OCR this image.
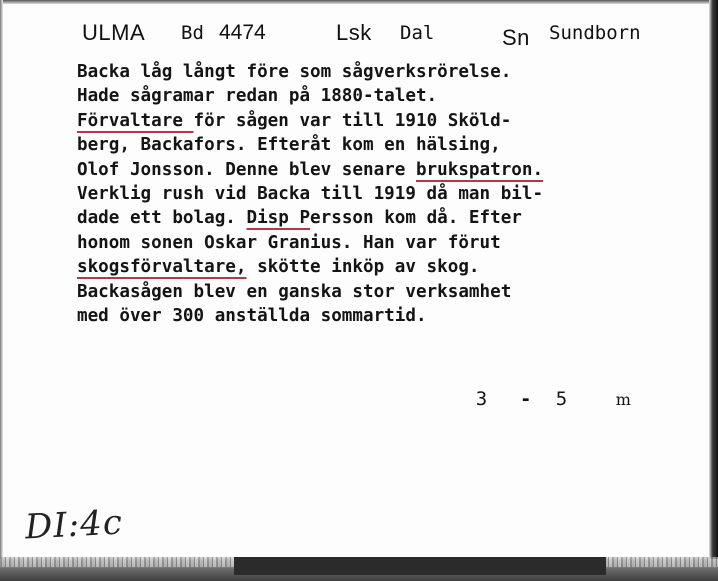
ULMA Bd 4474	Lsk Dal	Sn Sundborn
Backa låg långt före som sågverksrörelse.
Hade sågramar redan på 1880-talet.
Förvaltare för sågen var till 1910 Sköld-
berg, Backafors. Efteråt kom en hälsing,
Olof Jonsson. Denne blev senare brukspatron.
Verklig rush vid Backa till 1919 då man bil-
dade ett bolag. Disp Persson kom då. Efter
honom sonen Oskar Granius. Han var förut
skogsförvaltare, skötte inköp av skog.
Backasågen blev en ganska stor verksamhet
med över 300 anställda sommartid.

3 - 5	m

DI:4c
